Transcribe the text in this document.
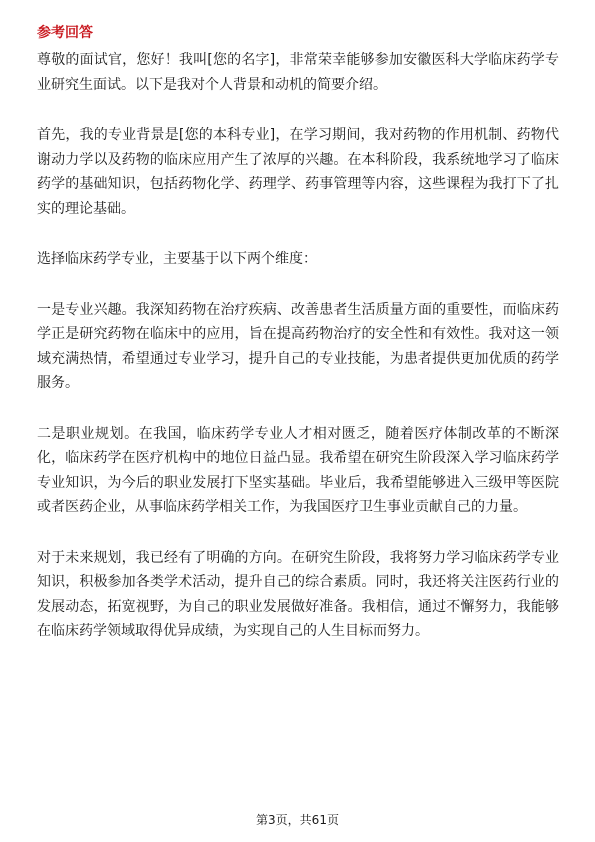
参考回答

尊敬的面试官，您好！我叫[您的名字]，非常荣幸能够参加安徽医科大学临床药学专业研究生面试。以下是我对个人背景和动机的简要介绍。

首先，我的专业背景是[您的本科专业]，在学习期间，我对药物的作用机制、药物代谢动力学以及药物的临床应用产生了浓厚的兴趣。在本科阶段，我系统地学习了临床药学的基础知识，包括药物化学、药理学、药事管理等内容，这些课程为我打下了扎实的理论基础。

选择临床药学专业，主要基于以下两个维度：

一是专业兴趣。我深知药物在治疗疾病、改善患者生活质量方面的重要性，而临床药学正是研究药物在临床中的应用，旨在提高药物治疗的安全性和有效性。我对这一领域充满热情，希望通过专业学习，提升自己的专业技能，为患者提供更加优质的药学服务。

二是职业规划。在我国，临床药学专业人才相对匮乏，随着医疗体制改革的不断深化，临床药学在医疗机构中的地位日益凸显。我希望在研究生阶段深入学习临床药学专业知识，为今后的职业发展打下坚实基础。毕业后，我希望能够进入三级甲等医院或者医药企业，从事临床药学相关工作，为我国医疗卫生事业贡献自己的力量。

对于未来规划，我已经有了明确的方向。在研究生阶段，我将努力学习临床药学专业知识，积极参加各类学术活动，提升自己的综合素质。同时，我还将关注医药行业的发展动态，拓宽视野，为自己的职业发展做好准备。我相信，通过不懈努力，我能够在临床药学领域取得优异成绩，为实现自己的人生目标而努力。

第3页，共61页
